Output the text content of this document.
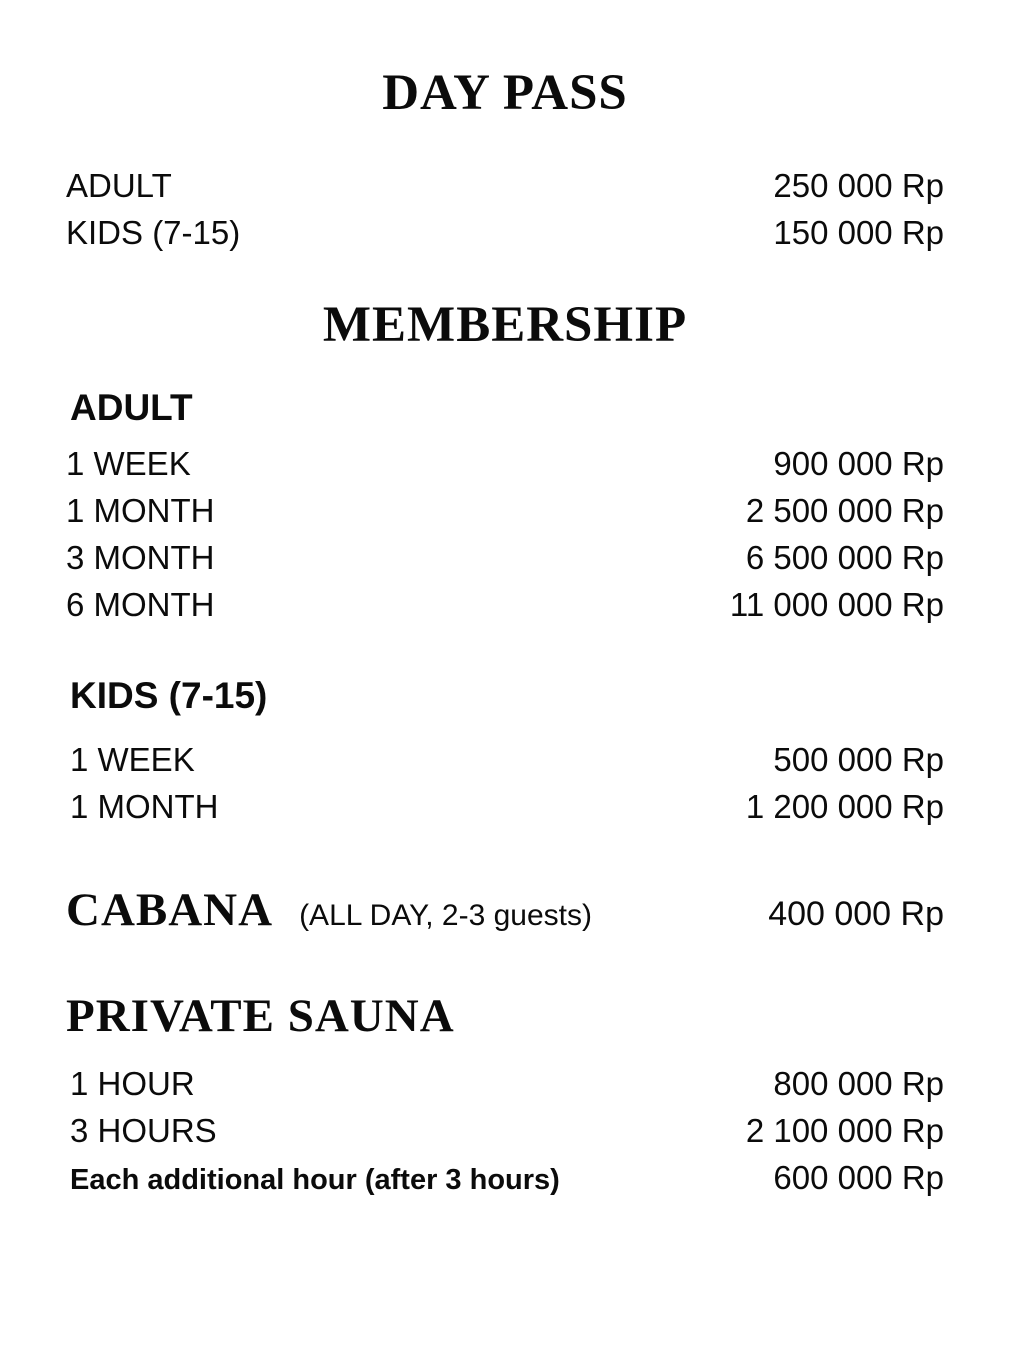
DAY PASS
ADULT	250 000 Rp
KIDS (7-15)	150 000 Rp
MEMBERSHIP
ADULT
1 WEEK	900 000 Rp
1 MONTH	2 500 000 Rp
3 MONTH	6 500 000 Rp
6 MONTH	11 000 000 Rp
KIDS (7-15)
1 WEEK	500 000 Rp
1 MONTH	1 200 000 Rp
CABANA (ALL DAY, 2-3 guests)	400 000 Rp
PRIVATE SAUNA
1 HOUR	800 000 Rp
3 HOURS	2 100 000 Rp
Each additional hour (after 3 hours)	600 000 Rp
